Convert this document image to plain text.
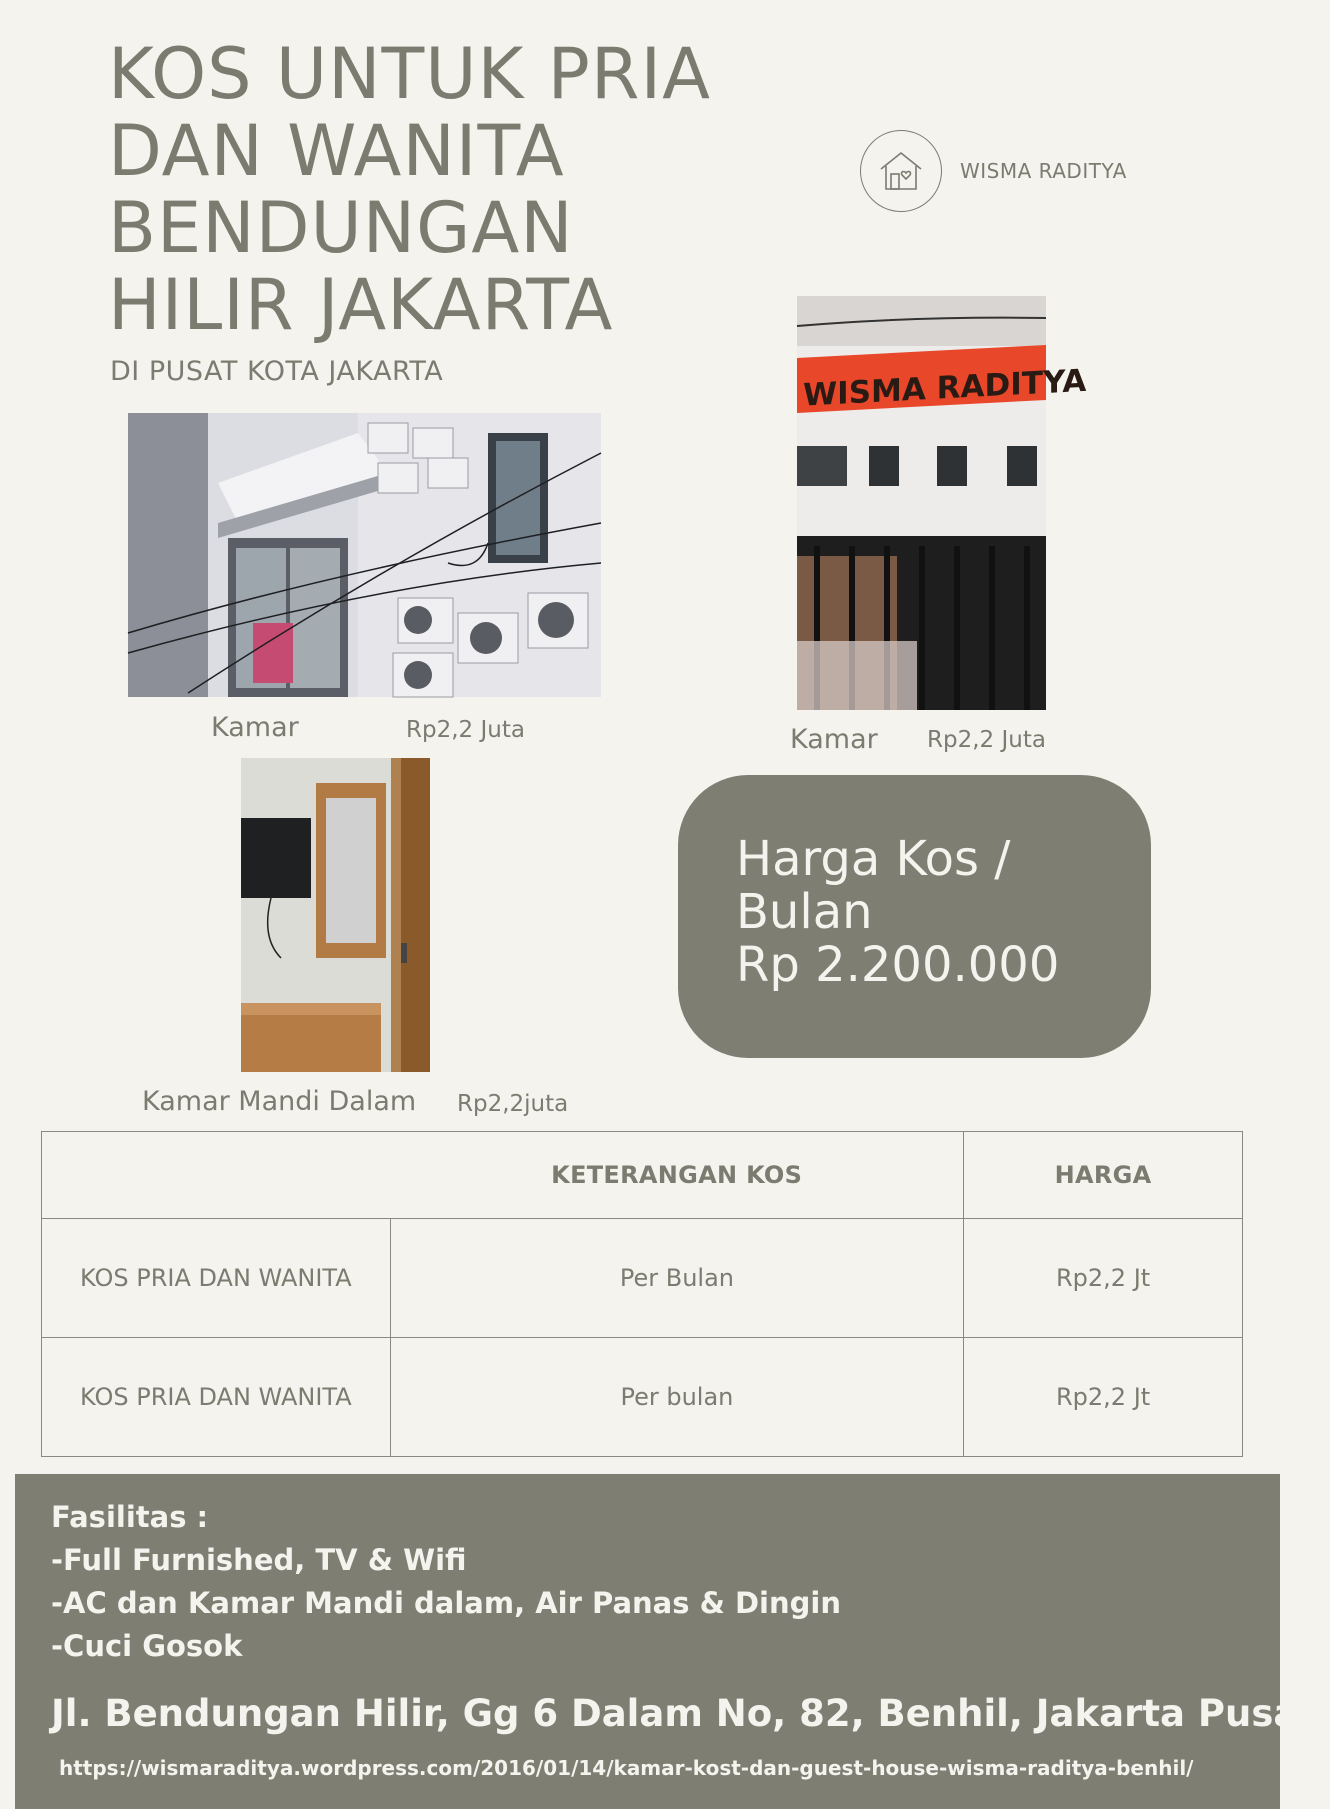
KOS UNTUK PRIA
DAN WANITA
BENDUNGAN
HILIR JAKARTA
DI PUSAT KOTA JAKARTA
WISMA RADITYA
Kamar	Rp2,2 Juta
WISMA RADITYA
Kamar Rp2,2 Juta
Kamar Mandi Dalam Rp2,2juta
Harga Kos /
Bulan
Rp 2.200.000
	KETERANGAN KOS	HARGA
KOS PRIA DAN WANITA	Per Bulan	Rp2,2 Jt
KOS PRIA DAN WANITA	Per bulan	Rp2,2 Jt
Fasilitas :
-Full Furnished, TV & Wifi
-AC dan Kamar Mandi dalam, Air Panas & Dingin
-Cuci Gosok
Jl. Bendungan Hilir, Gg 6 Dalam No, 82, Benhil, Jakarta Pusat.
https://wismaraditya.wordpress.com/2016/01/14/kamar-kost-dan-guest-house-wisma-raditya-benhil/
